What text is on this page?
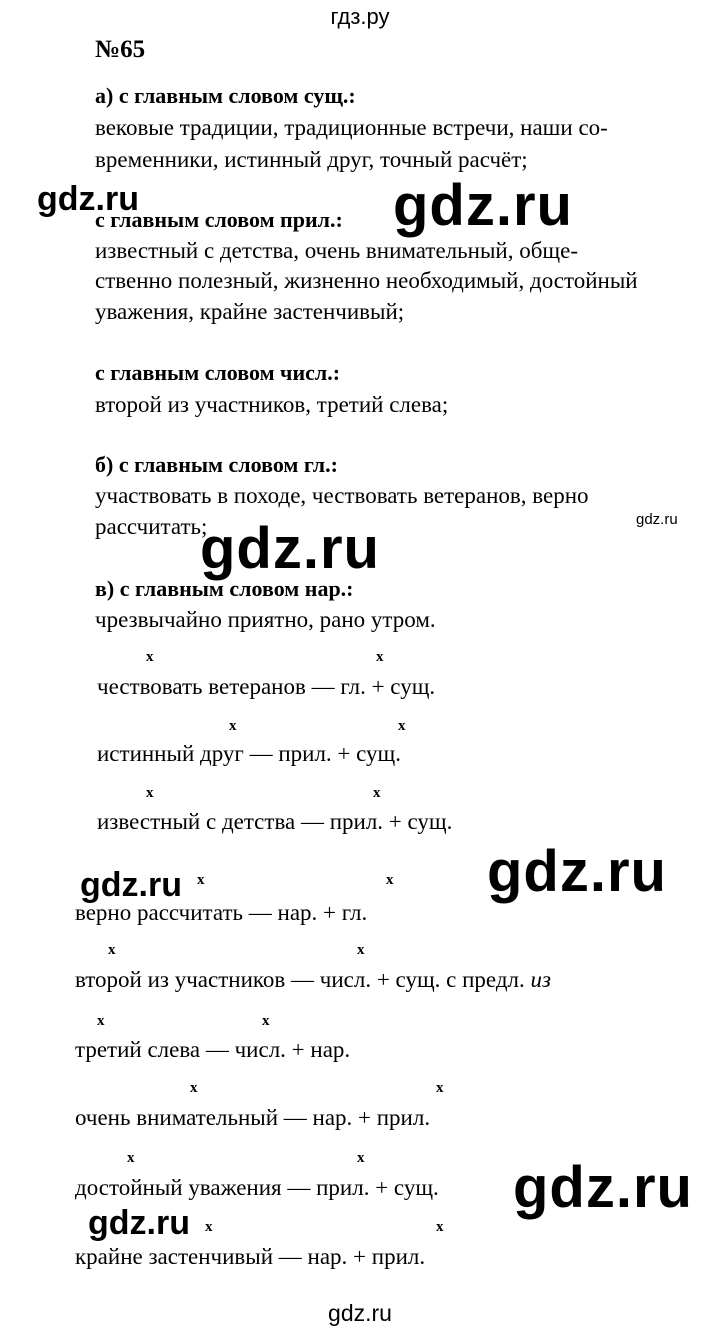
гдз.ру
№65
а) с главным словом сущ.:
вековые традиции, традиционные встречи, наши со-
временники, истинный друг, точный расчёт;
с главным словом прил.:
известный с детства, очень внимательный, обще-
ственно полезный, жизненно необходимый, достойный
уважения, крайне застенчивый;
с главным словом числ.:
второй из участников, третий слева;
б) с главным словом гл.:
участвовать в походе, чествовать ветеранов, верно
рассчитать;
в) с главным словом нар.:
чрезвычайно приятно, рано утром.
x	x
чествовать ветеранов — гл. + сущ.
x	x
истинный друг — прил. + сущ.
x	x
известный с детства — прил. + сущ.
x	x
верно рассчитать — нар. + гл.
x	x
второй из участников — числ. + сущ. с предл. из
x	x
третий слева — числ. + нар.
x	x
очень внимательный — нар. + прил.
x	x
достойный уважения — прил. + сущ.
x	x
крайне застенчивый — нар. + прил.
gdz.ru	gdz.ru
gdz.ru
gdz.ru
gdz.ru
gdz.ru
gdz.ru
gdz.ru
gdz.ru
